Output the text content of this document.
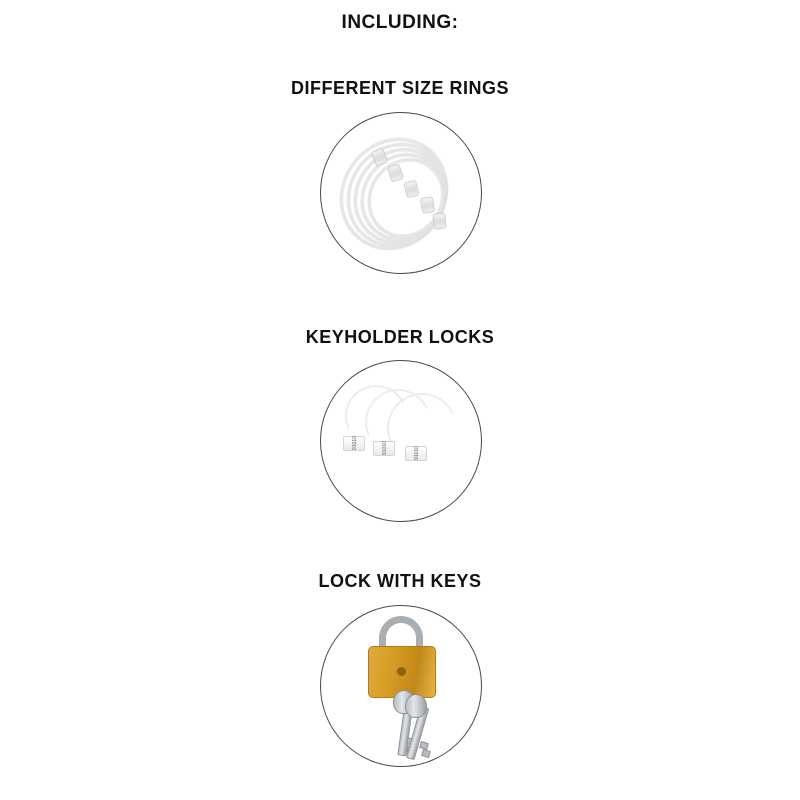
INCLUDING:
DIFFERENT SIZE RINGS
KEYHOLDER LOCKS
91010	91010	91010
LOCK WITH KEYS
